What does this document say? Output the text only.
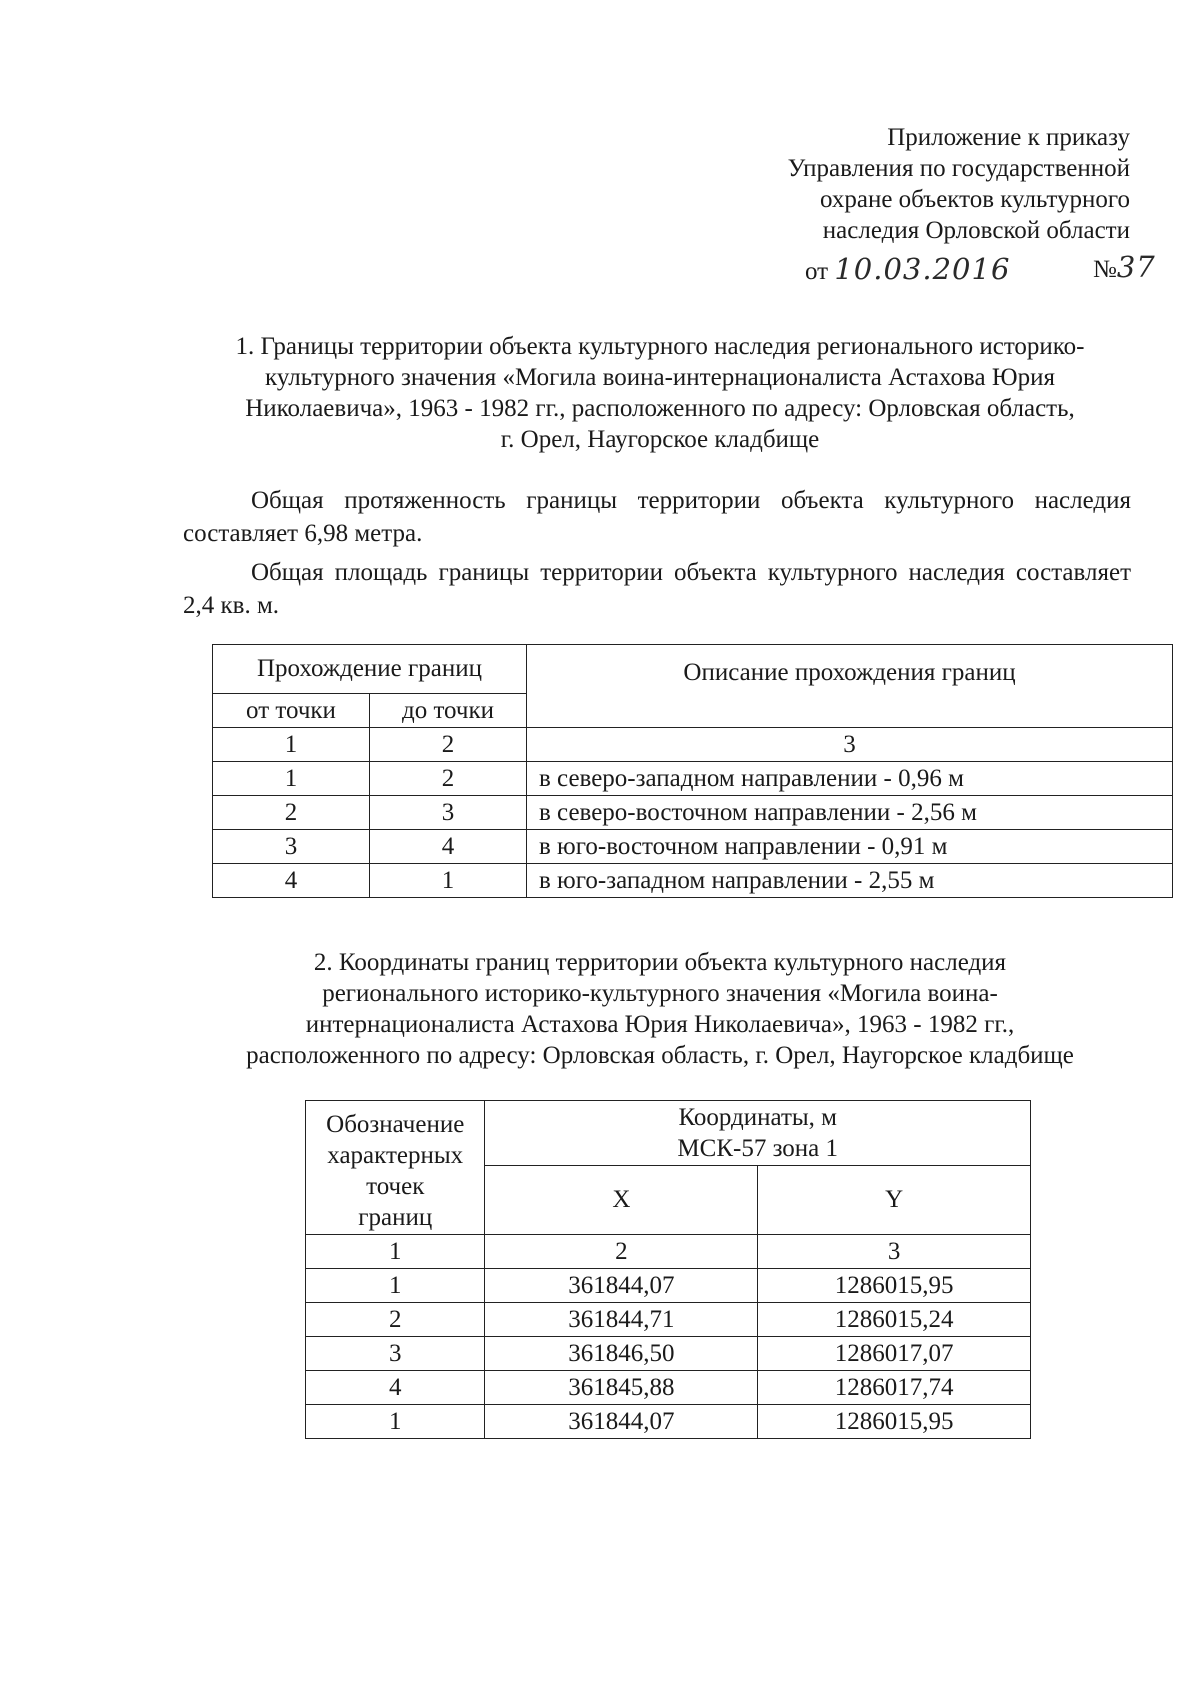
Приложение к приказу
Управления по государственной
охране объектов культурного
наследия Орловской области
от 10.03.2016	№37
1. Границы территории объекта культурного наследия регионального историко-
культурного значения «Могила воина-интернационалиста Астахова Юрия
Николаевича», 1963 - 1982 гг., расположенного по адресу: Орловская область,
г. Орел, Наугорское кладбище

Общая протяженность границы территории объекта культурного наследия составляет 6,98 метра.

Общая площадь границы территории объекта культурного наследия составляет 2,4 кв. м.

Прохождение границ		Описание прохождения границ
от точки	до точки	
1	2	3
1	2	в северо-западном направлении - 0,96 м
2	3	в северо-восточном направлении - 2,56 м
3	4	в юго-восточном направлении - 0,91 м
4	1	в юго-западном направлении - 2,55 м
2. Координаты границ территории объекта культурного наследия
регионального историко-культурного значения «Могила воина-
интернационалиста Астахова Юрия Николаевича», 1963 - 1982 гг.,
расположенного по адресу: Орловская область, г. Орел, Наугорское кладбище
Обозначение
характерных
точек
границ	Координаты, м
МСК-57 зона 1	

	X	Y
1	2	3
1	361844,07	1286015,95
2	361844,71	1286015,24
3	361846,50	1286017,07
4	361845,88	1286017,74
1	361844,07	1286015,95
